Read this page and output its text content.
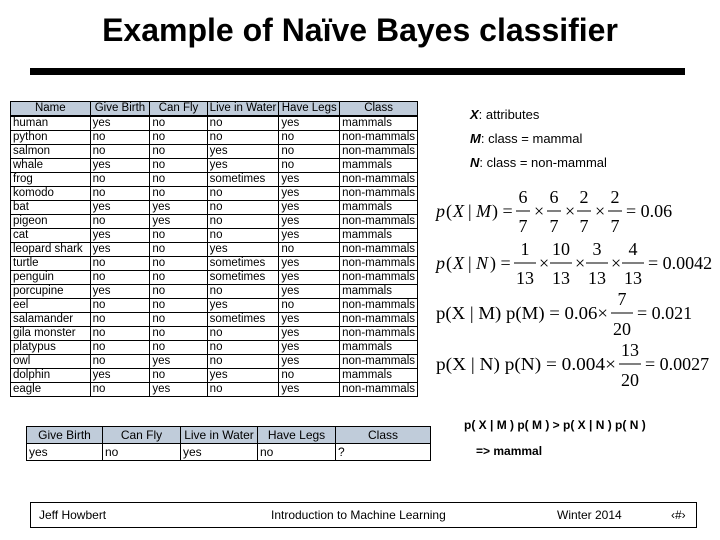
Example of Naïve Bayes classifier
Name	Give Birth	Can Fly	Live in Water	Have Legs	Class
human	yes	no	no	yes	mammals
python	no	no	no	no	non-mammals
salmon	no	no	yes	no	non-mammals
whale	yes	no	yes	no	mammals
frog	no	no	sometimes	yes	non-mammals
komodo	no	no	no	yes	non-mammals
bat	yes	yes	no	yes	mammals
pigeon	no	yes	no	yes	non-mammals
cat	yes	no	no	yes	mammals
leopard shark	yes	no	yes	no	non-mammals
turtle	no	no	sometimes	yes	non-mammals
penguin	no	no	sometimes	yes	non-mammals
porcupine	yes	no	no	yes	mammals
eel	no	no	yes	no	non-mammals
salamander	no	no	sometimes	yes	non-mammals
gila monster	no	no	no	yes	non-mammals
platypus	no	no	no	yes	mammals
owl	no	yes	no	yes	non-mammals
dolphin	yes	no	yes	no	mammals
eagle	no	yes	no	yes	non-mammals
X: attributes
M: class = mammal
N: class = non-mammal
p ( X | M ) =
6
7
×
6
7
×
2
7
×
2
7
= 0.06
p ( X | N ) =
1
13
×
10
13
×
3
13
×
4
13
= 0.0042
p(X | M) p(M) = 0.06×
7
20
= 0.021
p(X | N) p(N) = 0.004×
13
20
= 0.0027
Give Birth	Can Fly	Live in Water	Have Legs	Class
yes	no	yes	no	?
p( X | M ) p( M ) > p( X | N ) p( N )
=> mammal
Jeff Howbert	Introduction to Machine Learning	Winter 2014	‹#›
